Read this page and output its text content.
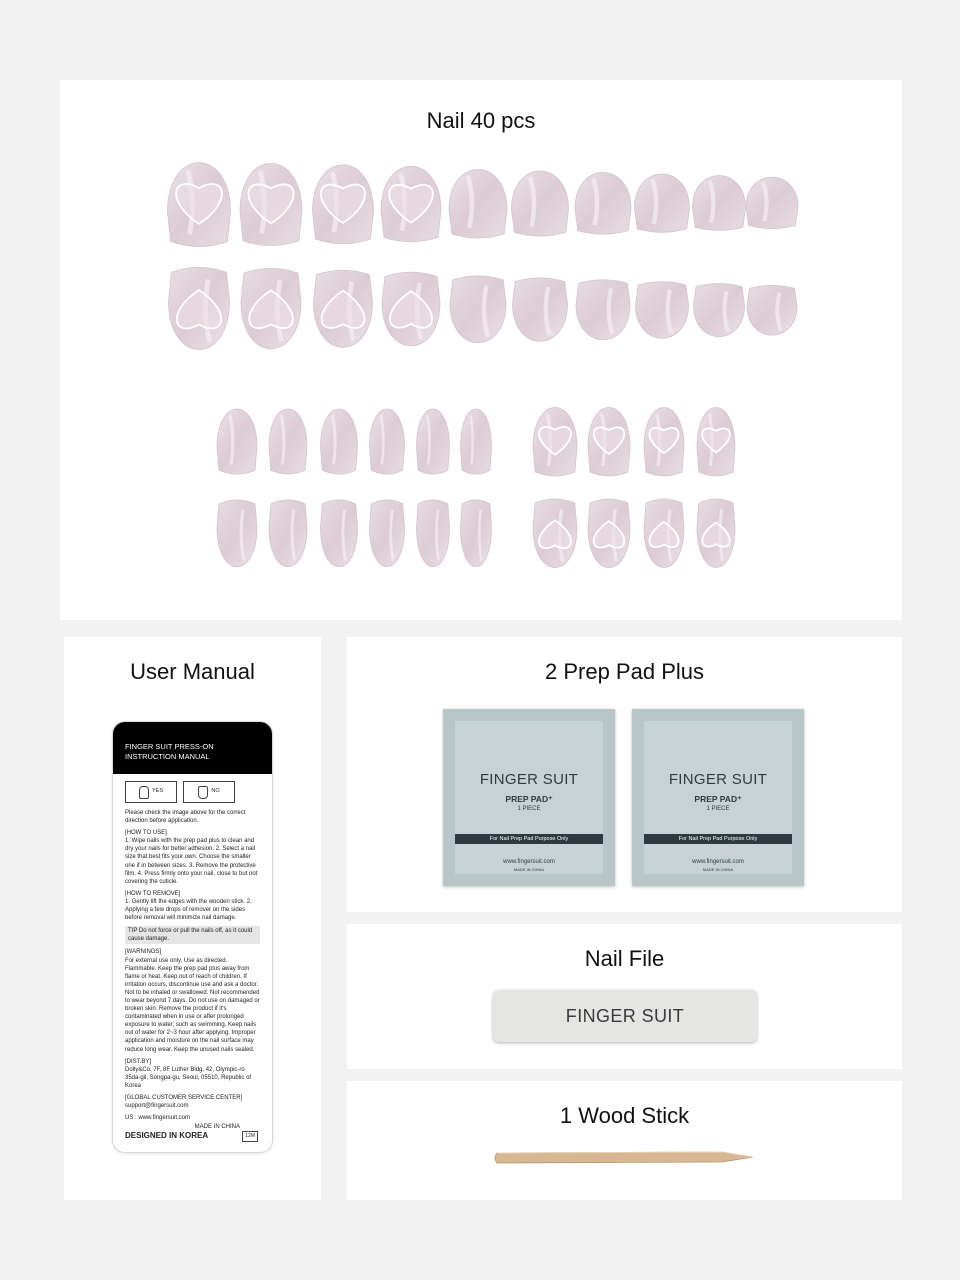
Nail 40 pcs
User Manual
FINGER SUIT PRESS-ON INSTRUCTION MANUAL
YES	NO

Please check the image above for the correct direction before application.

[HOW TO USE]

1. Wipe nails with the prep pad plus to clean and dry your nails for better adhesion. 2. Select a nail size that best fits your own. Choose the smaller one if in between sizes. 3. Remove the protective film. 4. Press firmly onto your nail, close to but not covering the cuticle.

[HOW TO REMOVE]

1. Gently lift the edges with the wooden stick. 2. Applying a few drops of remover on the sides before removal will minimize nail damage.

TIP Do not force or pull the nails off, as it could cause damage.

[WARNINGS]

For external use only. Use as directed. Flammable. Keep the prep pad plus away from flame or heat. Keep out of reach of children. If irritation occurs, discontinue use and ask a doctor. Not to be inhaled or swallowed. Not recommended to wear beyond 7 days. Do not use on damaged or broken skin. Remove the product if it's contaminated when in use or after prolonged exposure to water, such as swimming. Keep nails out of water for 2~3 hour after applying. Improper application and moisture on the nail surface may reduce long wear. Keep the unused nails sealed.

[DIST.BY]

Dolly&Co. 7F, 8F Luther Bldg, 42, Olympic-ro 35da-gil, Songpa-gu, Seoul, 05510, Republic of Korea

[GLOBAL CUSTOMER SERVICE CENTER]

support@fingersuit.com

US : www.fingersuit.com

MADE IN CHINA
DESIGNED IN KOREA	12M
2 Prep Pad Plus
FINGER SUIT
PREP PAD⁺
1 PIECE
For Nail Prep Pad Purpose Only
www.fingersuit.com
MADE IN CHINA
FINGER SUIT
PREP PAD⁺
1 PIECE
For Nail Prep Pad Purpose Only
www.fingersuit.com
MADE IN CHINA
Nail File
FINGER SUIT
1 Wood Stick
